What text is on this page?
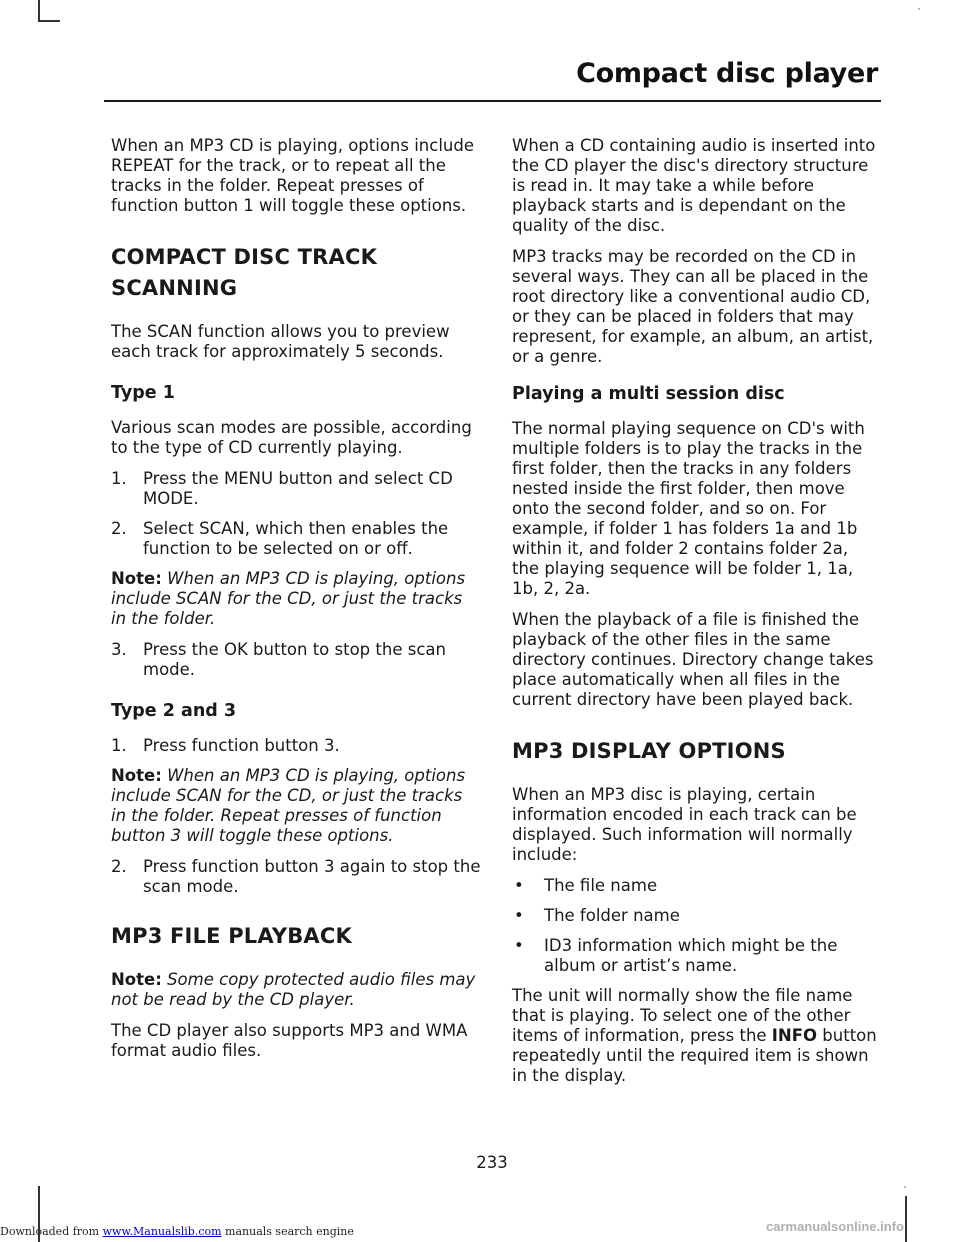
Compact disc player

When an MP3 CD is playing, options include REPEAT for the track, or to repeat all the tracks in the folder. Repeat presses of function button 1 will toggle these options.

COMPACT DISC TRACK
SCANNING

The SCAN function allows you to preview each track for approximately 5 seconds.

Type 1

Various scan modes are possible, according to the type of CD currently playing.

1. Press the MENU button and select CD MODE.
2. Select SCAN, which then enables the function to be selected on or off.
Note: When an MP3 CD is playing, options include SCAN for the CD, or just the tracks in the folder.
3. Press the OK button to stop the scan mode.
Type 2 and 3
1. Press function button 3.
Note: When an MP3 CD is playing, options include SCAN for the CD, or just the tracks in the folder. Repeat presses of function button 3 will toggle these options.
2. Press function button 3 again to stop the scan mode.
MP3 FILE PLAYBACK
Note: Some copy protected audio files may not be read by the CD player.

The CD player also supports MP3 and WMA format audio files.

When a CD containing audio is inserted into the CD player the disc's directory structure is read in. It may take a while before playback starts and is dependant on the quality of the disc.

MP3 tracks may be recorded on the CD in several ways. They can all be placed in the root directory like a conventional audio CD, or they can be placed in folders that may represent, for example, an album, an artist, or a genre.

Playing a multi session disc

The normal playing sequence on CD's with multiple folders is to play the tracks in the first folder, then the tracks in any folders nested inside the first folder, then move onto the second folder, and so on. For example, if folder 1 has folders 1a and 1b within it, and folder 2 contains folder 2a, the playing sequence will be folder 1, 1a, 1b, 2, 2a.

When the playback of a file is finished the playback of the other files in the same directory continues. Directory change takes place automatically when all files in the current directory have been played back.

MP3 DISPLAY OPTIONS

When an MP3 disc is playing, certain information encoded in each track can be displayed. Such information will normally include:

• The file name
• The folder name
• ID3 information which might be the album or artist’s name.

The unit will normally show the file name that is playing. To select one of the other items of information, press the INFO button repeatedly until the required item is shown in the display.

233
Downloaded from www.Manualslib.com manuals search engine	carmanualsonline.info
